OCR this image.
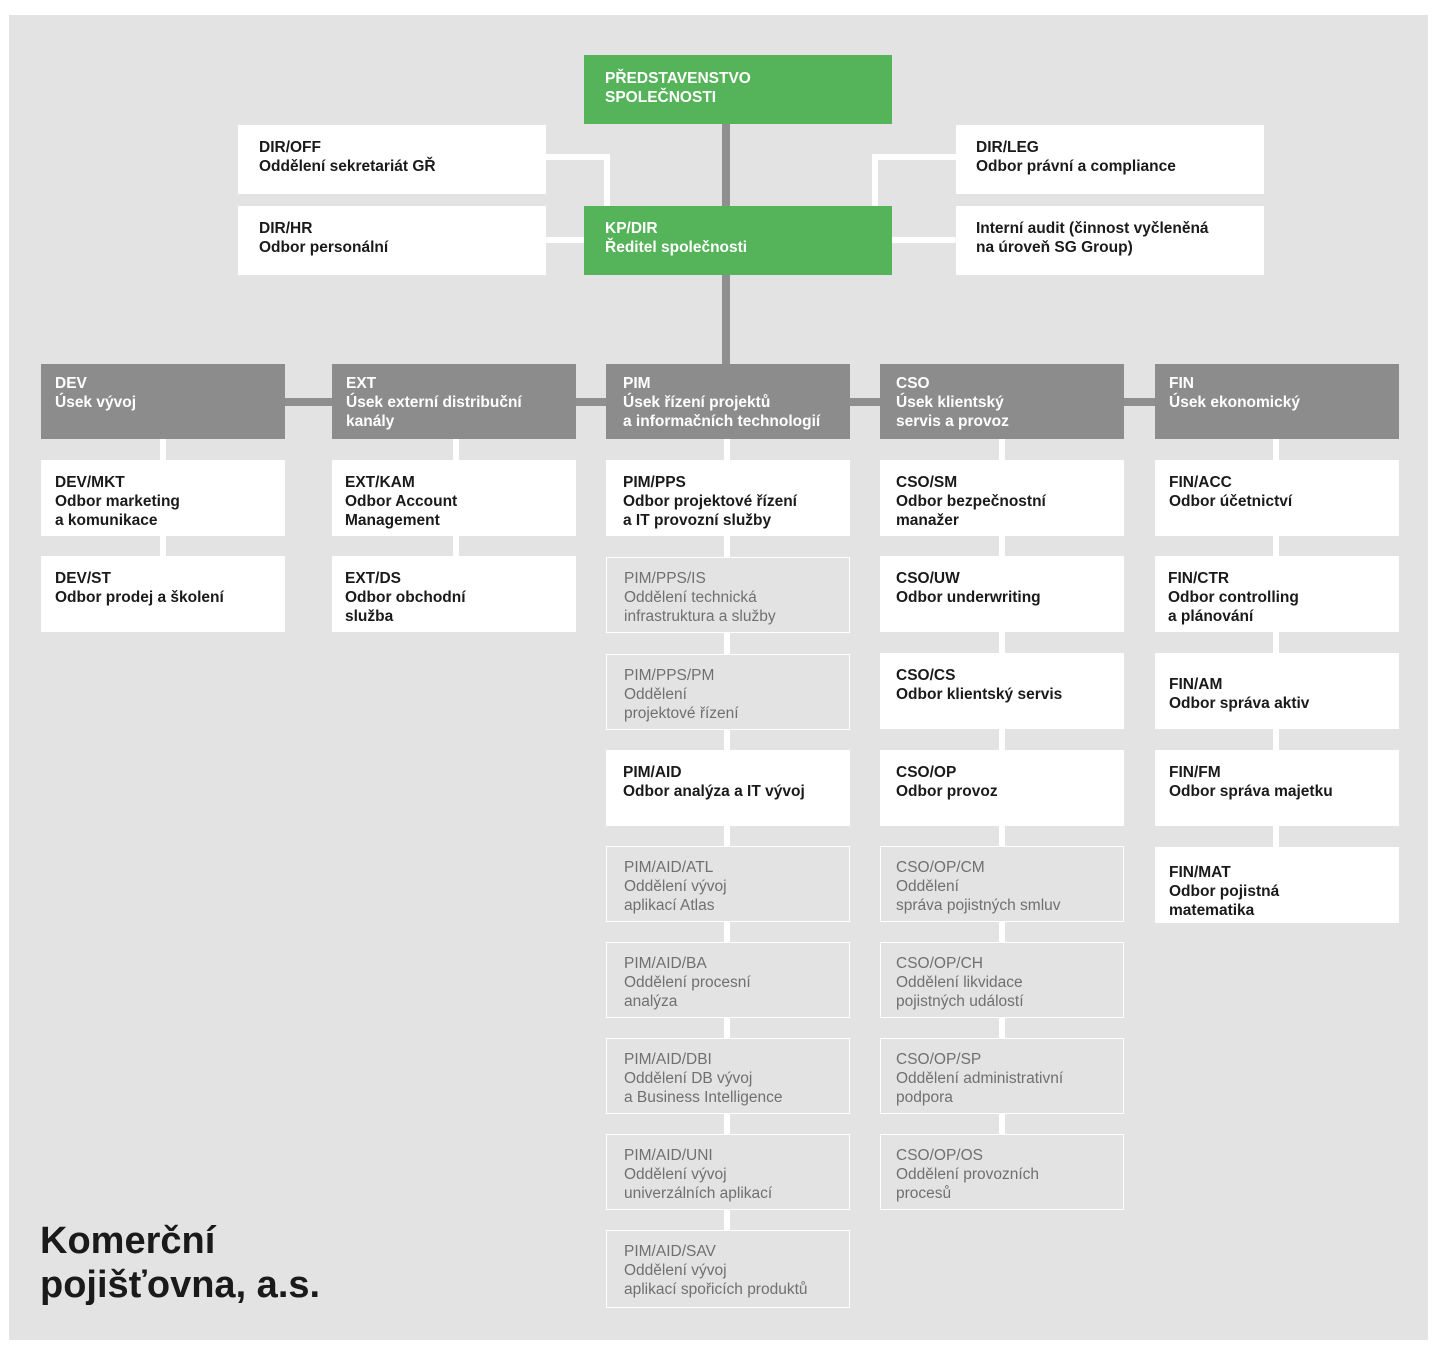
PŘEDSTAVENSTVO
SPOLEČNOSTI
KP/DIR
Ředitel společnosti
DIR/OFF
Oddělení sekretariát GŘ
DIR/HR
Odbor personální
DIR/LEG
Odbor právní a compliance
Interní audit (činnost vyčleněná
na úroveň SG Group)
DEV
Úsek vývoj
EXT
Úsek externí distribuční
kanály
PIM
Úsek řízení projektů
a informačních technologií
CSO
Úsek klientský
servis a provoz
FIN
Úsek ekonomický
DEV/MKT
Odbor marketing
a komunikace
DEV/ST
Odbor prodej a školení
EXT/KAM
Odbor Account
Management
EXT/DS
Odbor obchodní
služba
PIM/PPS
Odbor projektové řízení
a IT provozní služby
PIM/PPS/IS
Oddělení technická
infrastruktura a služby
PIM/PPS/PM
Oddělení
projektové řízení
PIM/AID
Odbor analýza a IT vývoj
PIM/AID/ATL
Oddělení vývoj
aplikací Atlas
PIM/AID/BA
Oddělení procesní
analýza
PIM/AID/DBI
Oddělení DB vývoj
a Business Intelligence
PIM/AID/UNI
Oddělení vývoj
univerzálních aplikací
PIM/AID/SAV
Oddělení vývoj
aplikací spořicích produktů
CSO/SM
Odbor bezpečnostní
manažer
CSO/UW
Odbor underwriting
CSO/CS
Odbor klientský servis
CSO/OP
Odbor provoz
CSO/OP/CM
Oddělení
správa pojistných smluv
CSO/OP/CH
Oddělení likvidace
pojistných událostí
CSO/OP/SP
Oddělení administrativní
podpora
CSO/OP/OS
Oddělení provozních
procesů
FIN/ACC
Odbor účetnictví
FIN/CTR
Odbor controlling
a plánování
FIN/AM
Odbor správa aktiv
FIN/FM
Odbor správa majetku
FIN/MAT
Odbor pojistná
matematika
Komerční
pojišťovna, a.s.
